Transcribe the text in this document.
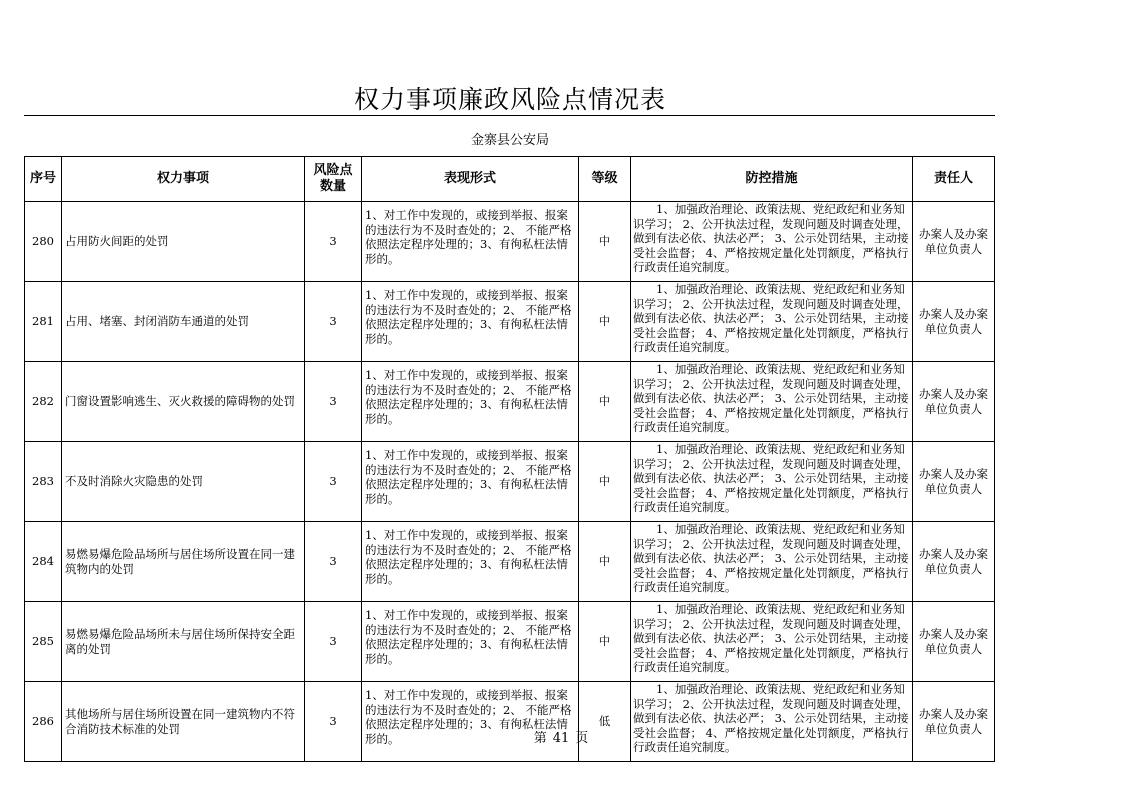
权力事项廉政风险点情况表
金寨县公安局
序号	权力事项	风险点数量	表现形式	等级	防控措施	责任人
280	占用防火间距的处罚	3	1、对工作中发现的，或接到举报、报案的违法行为不及时查处的；2、 不能严格依照法定程序处理的；3、有徇私枉法情形的。	中	1、加强政治理论、政策法规、党纪政纪和业务知识学习； 2、公开执法过程，发现问题及时调查处理，做到有法必依、执法必严； 3、公示处罚结果，主动接受社会监督； 4、严格按规定量化处罚额度，严格执行行政责任追究制度。	办案人及办案单位负责人
281	占用、堵塞、封闭消防车通道的处罚	3	1、对工作中发现的，或接到举报、报案的违法行为不及时查处的；2、 不能严格依照法定程序处理的；3、有徇私枉法情形的。	中	1、加强政治理论、政策法规、党纪政纪和业务知识学习； 2、公开执法过程，发现问题及时调查处理，做到有法必依、执法必严； 3、公示处罚结果，主动接受社会监督； 4、严格按规定量化处罚额度，严格执行行政责任追究制度。	办案人及办案单位负责人
282	门窗设置影响逃生、灭火救援的障碍物的处罚	3	1、对工作中发现的，或接到举报、报案的违法行为不及时查处的；2、 不能严格依照法定程序处理的；3、有徇私枉法情形的。	中	1、加强政治理论、政策法规、党纪政纪和业务知识学习； 2、公开执法过程，发现问题及时调查处理，做到有法必依、执法必严； 3、公示处罚结果，主动接受社会监督； 4、严格按规定量化处罚额度，严格执行行政责任追究制度。	办案人及办案单位负责人
283	不及时消除火灾隐患的处罚	3	1、对工作中发现的，或接到举报、报案的违法行为不及时查处的；2、 不能严格依照法定程序处理的；3、有徇私枉法情形的。	中	1、加强政治理论、政策法规、党纪政纪和业务知识学习； 2、公开执法过程，发现问题及时调查处理，做到有法必依、执法必严； 3、公示处罚结果，主动接受社会监督； 4、严格按规定量化处罚额度，严格执行行政责任追究制度。	办案人及办案单位负责人
284	易燃易爆危险品场所与居住场所设置在同一建筑物内的处罚	3	1、对工作中发现的，或接到举报、报案的违法行为不及时查处的；2、 不能严格依照法定程序处理的；3、有徇私枉法情形的。	中	1、加强政治理论、政策法规、党纪政纪和业务知识学习； 2、公开执法过程，发现问题及时调查处理，做到有法必依、执法必严； 3、公示处罚结果，主动接受社会监督； 4、严格按规定量化处罚额度，严格执行行政责任追究制度。	办案人及办案单位负责人
285	易燃易爆危险品场所未与居住场所保持安全距离的处罚	3	1、对工作中发现的，或接到举报、报案的违法行为不及时查处的；2、 不能严格依照法定程序处理的；3、有徇私枉法情形的。	中	1、加强政治理论、政策法规、党纪政纪和业务知识学习； 2、公开执法过程，发现问题及时调查处理，做到有法必依、执法必严； 3、公示处罚结果，主动接受社会监督； 4、严格按规定量化处罚额度，严格执行行政责任追究制度。	办案人及办案单位负责人
286	其他场所与居住场所设置在同一建筑物内不符合消防技术标准的处罚	3	1、对工作中发现的，或接到举报、报案的违法行为不及时查处的；2、 不能严格依照法定程序处理的；3、有徇私枉法情形的。	低	1、加强政治理论、政策法规、党纪政纪和业务知识学习； 2、公开执法过程，发现问题及时调查处理，做到有法必依、执法必严； 3、公示处罚结果，主动接受社会监督； 4、严格按规定量化处罚额度，严格执行行政责任追究制度。	办案人及办案单位负责人
第 41 页
